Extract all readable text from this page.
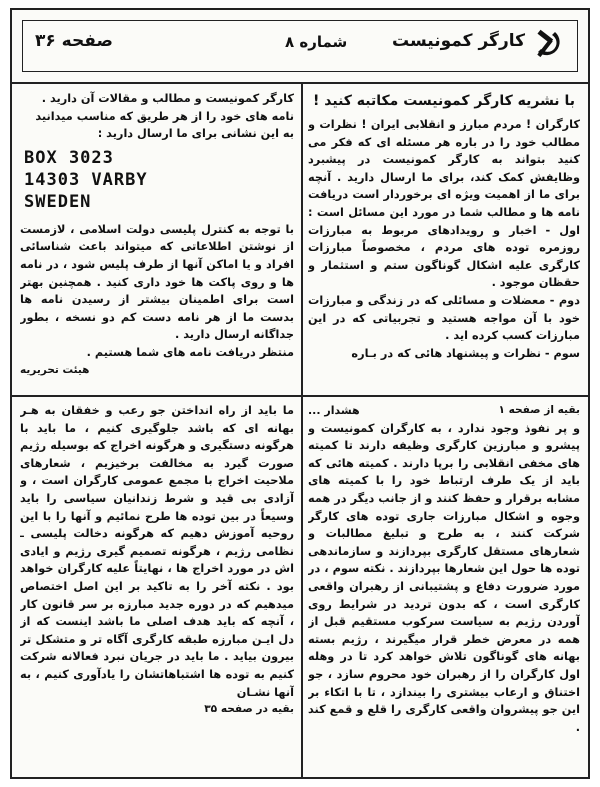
صفحه ۳۶	شماره ۸	کارگر کمونیست
با نشریه کارگر کمونیست مکاتبه کنید !

کارگران ! مردم مبارز و انقلابی ایران ! نظرات و مطالب خود را در باره هر مسئله ای که فکر می کنید بتواند به کارگر کمونیست در پیشبرد وظایفش کمک کند، برای ما ارسال دارید . آنچه برای ما از اهمیت ویژه ای برخوردار است دریافت نامه ها و مطالب شما در مورد این مسائل است : اول - اخبار و رویدادهای مربوط به مبارزات روزمره توده های مردم ، مخصوصاً مبارزات کارگری علیه اشکال گوناگون ستم و استثمار و حقظان موجود .

دوم - معضلات و مسائلی که در زندگی و مبارزات خود با آن مواجه هستید و تجربیاتی که در این مبارزات کسب کرده اید .

سوم - نظرات و پیشنهاد هائی که در بـاره

کارگر کمونیست و مطالب و مقالات آن دارید .

نامه های خود را از هر طریق که مناسب میدانید

به این نشانی برای ما ارسال دارید :

BOX 3023
14303 VARBY
SWEDEN

با توجه به کنترل پلیسی دولت اسلامی ، لازمست از نوشتن اطلاعاتی که میتواند باعث شناسائی افراد و یا اماکن آنها از طرف پلیس شود ، در نامه ها و روی پاکت ها خود داری کنید . همچنین بهتر است برای اطمینان بیشتر از رسیدن نامه ها بدست ما از هر نامه دست کم دو نسخه ، بطور جداگانه ارسال دارید .

منتظر دریافت نامه های شما هستیم .

هیئت تحریریه

بقیه از صفحه ۱
هشدار ...

و پر نفوذ وجود ندارد ، به کارگران کمونیست و پیشرو و مبارزین کارگری وظیفه دارند تا کمیته های مخفی انقلابی را برپا دارند . کمیته هائی که باید از یک طرف ارتباط خود را با کمیته های مشابه برقرار و حفظ کنند و از جانب دیگر در همه وجوه و اشکال مبارزات جاری توده های کارگر شرکت کنند ، به طرح و تبلیغ مطالبات و شعارهای مستقل کارگری بپردازند و سازماندهی توده ها حول این شعارها بپردازند . نکته سوم ، در مورد ضرورت دفاع و پشتیبانی از رهبران واقعی کارگری است ، که بدون تردید در شرایط روی آوردن رژیم به سیاست سرکوب مستقیم قبل از همه در معرض خطر قرار میگیرند ، رژیم بسته بهانه های گوناگون تلاش خواهد کرد تا در وهله اول کارگران را از رهبران خود محروم سازد ، جو اختناق و ارعاب بیشتری را بیندازد ، تا با اتکاء بر این جو پیشروان واقعی کارگری را قلع و قمع کند .

ما باید از راه انداختن جو رعب و خفقان به هـر بهانه ای که باشد جلوگیری کنیم ، ما باید با هرگونه دستگیری و هرگونه اخراج که بوسیله رژیم صورت گیرد به مخالفت برخیزیم ، شعارهای ملاحیت اخراج با مجمع عمومی کارگران است ، و آزادی بی قید و شرط زندانیان سیاسی را باید وسیعاً در بین توده ها طرح نمائیم و آنها را با این روحیه آموزش دهیم که هرگونه دخالت پلیسی ـ نظامی رژیم ، هرگونه تصمیم گیری رژیم و ایادی اش در مورد اخراج ها ، نهایتاً علیه کارگران خواهد بود . نکته آخر را به تاکید بر این اصل اختصاص میدهیم که در دوره جدید مبارزه بر سر قانون کار ، آنچه که باید هدف اصلی ما باشد اینست که از دل ایـن مبارزه طبقه کارگری آگاه تر و متشکل تر بیرون بیاید . ما باید در جریان نبرد فعالانه شرکت کنیم به توده ها اشتباهاتشان را یادآوری کنیم ، به آنها نشـان

بقیه در صفحه ۳۵
